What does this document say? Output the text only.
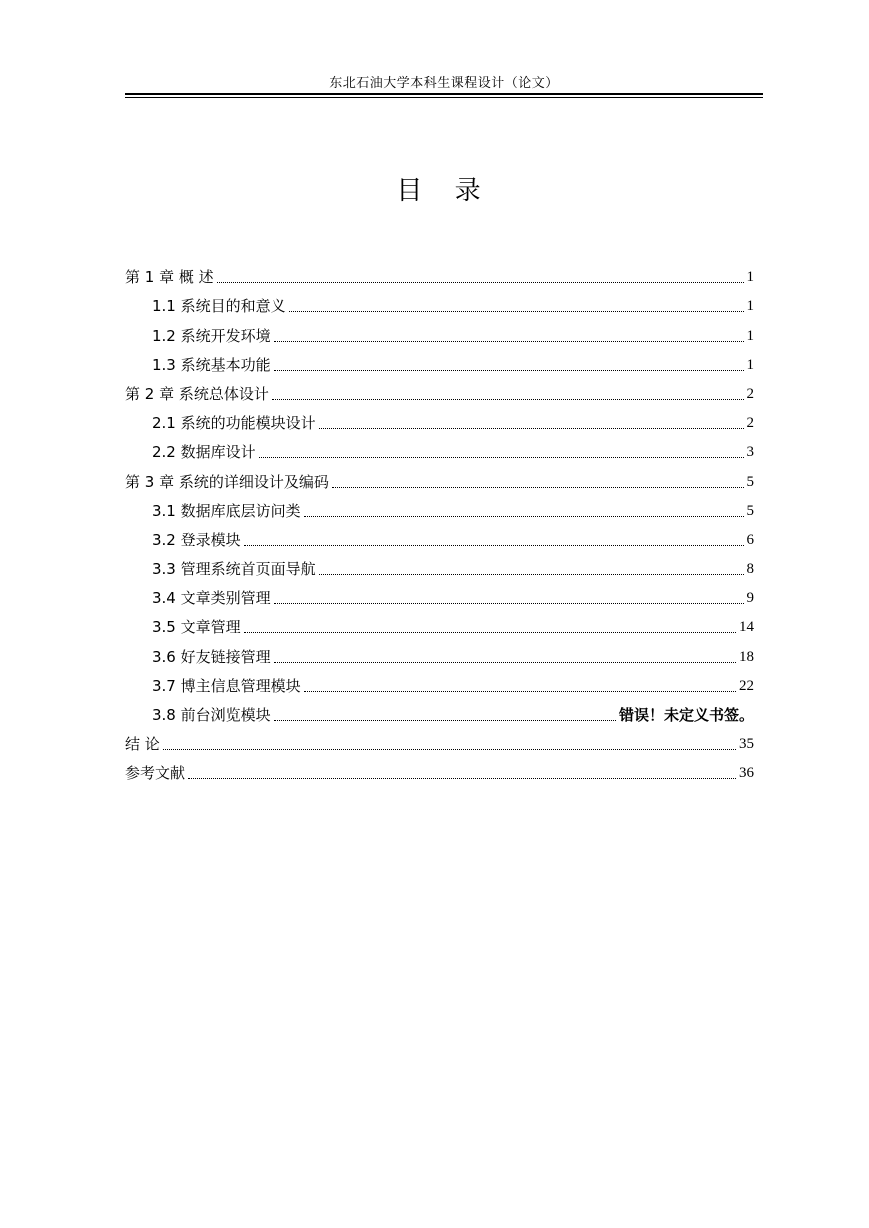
东北石油大学本科生课程设计（论文）
目 录
第 1 章 概 述	1
1.1 系统目的和意义	1
1.2 系统开发环境	1
1.3 系统基本功能	1
第 2 章 系统总体设计	2
2.1 系统的功能模块设计	2
2.2 数据库设计	3
第 3 章 系统的详细设计及编码	5
3.1 数据库底层访问类	5
3.2 登录模块	6
3.3 管理系统首页面导航	8
3.4 文章类别管理	9
3.5 文章管理	14
3.6 好友链接管理	18
3.7 博主信息管理模块	22
3.8 前台浏览模块	错误！未定义书签。
结 论	35
参考文献	36
